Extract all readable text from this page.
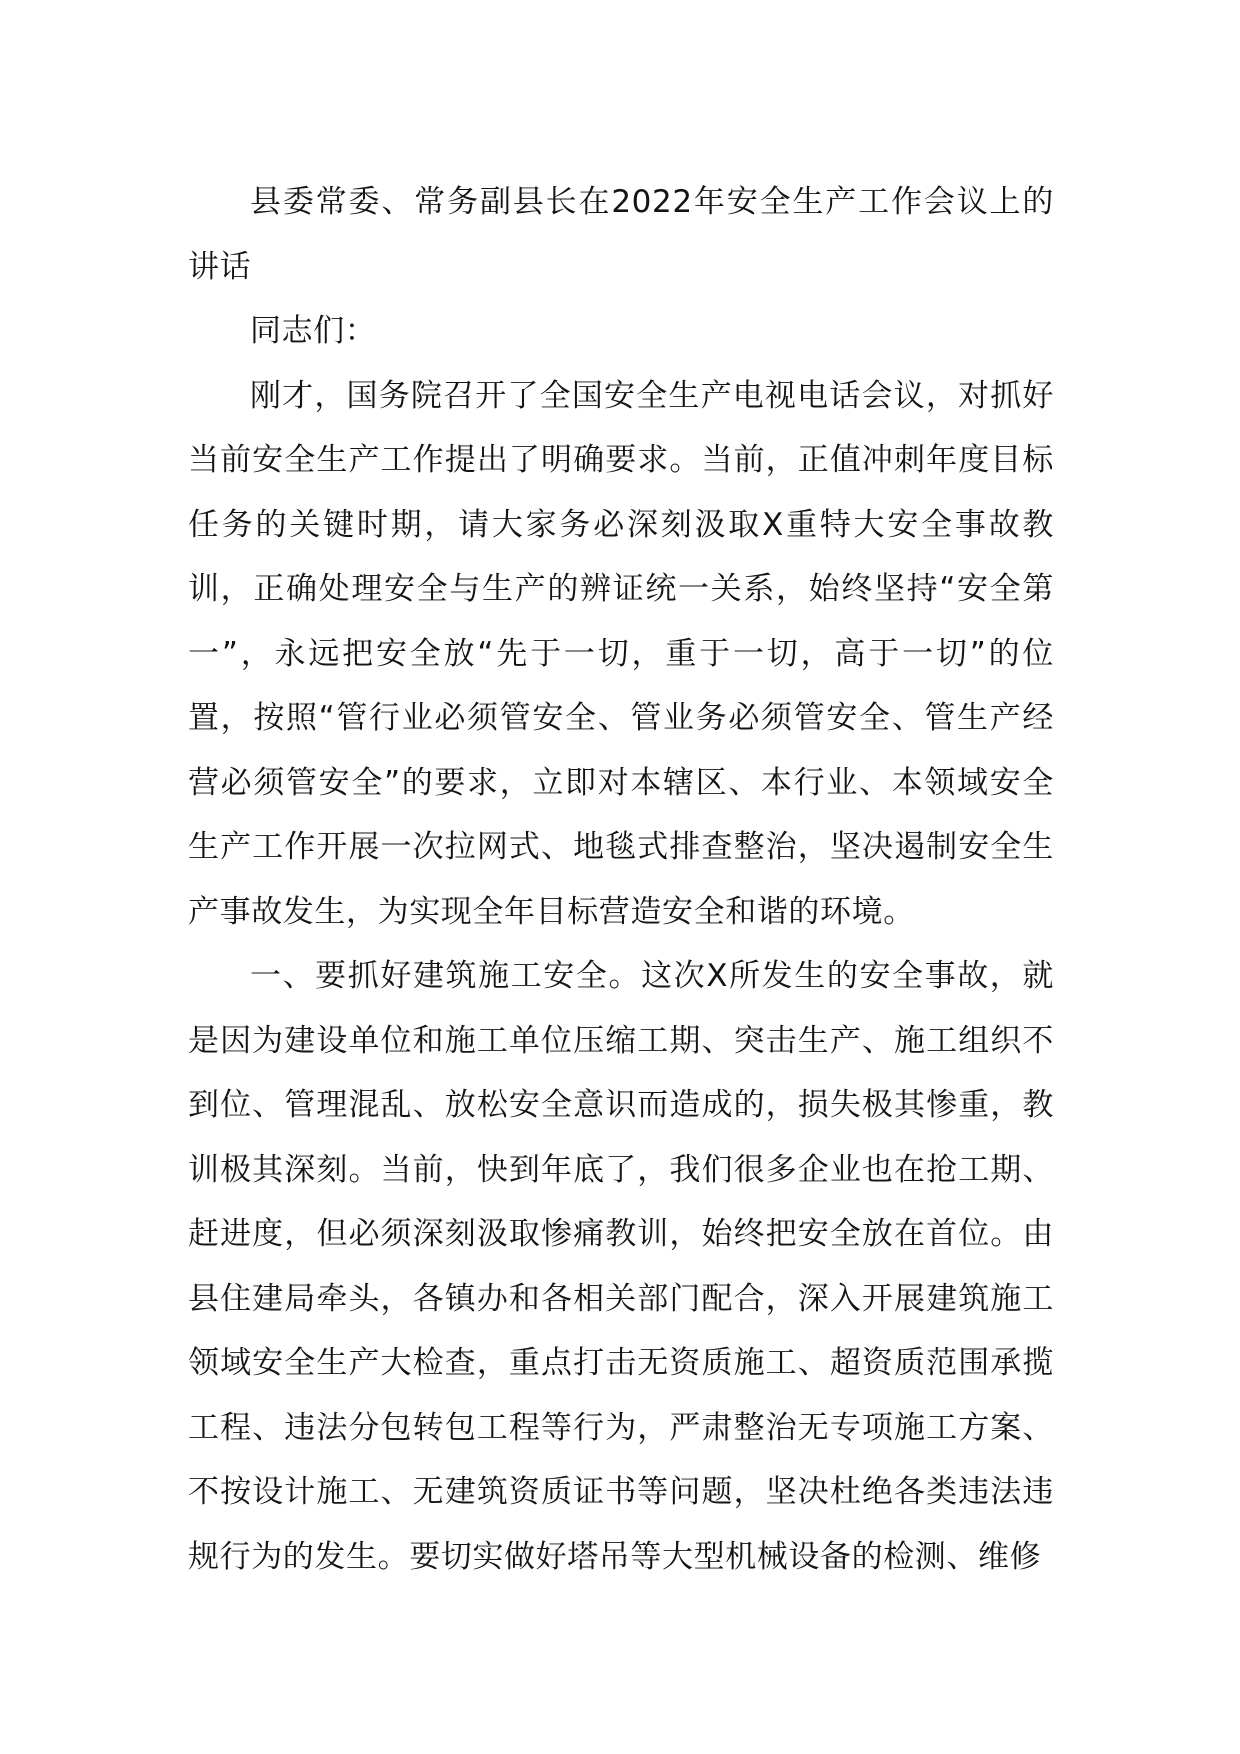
县委常委、常务副县长在2022年安全生产工作会议上的讲话

同志们：

刚才，国务院召开了全国安全生产电视电话会议，对抓好当前安全生产工作提出了明确要求。当前，正值冲刺年度目标任务的关键时期，请大家务必深刻汲取X重特大安全事故教训，正确处理安全与生产的辨证统一关系，始终坚持“安全第一”，永远把安全放“先于一切，重于一切，高于一切”的位置，按照“管行业必须管安全、管业务必须管安全、管生产经营必须管安全”的要求，立即对本辖区、本行业、本领域安全生产工作开展一次拉网式、地毯式排查整治，坚决遏制安全生产事故发生，为实现全年目标营造安全和谐的环境。

一、要抓好建筑施工安全。这次X所发生的安全事故，就是因为建设单位和施工单位压缩工期、突击生产、施工组织不到位、管理混乱、放松安全意识而造成的，损失极其惨重，教训极其深刻。当前，快到年底了，我们很多企业也在抢工期、赶进度，但必须深刻汲取惨痛教训，始终把安全放在首位。由县住建局牵头，各镇办和各相关部门配合，深入开展建筑施工领域安全生产大检查，重点打击无资质施工、超资质范围承揽工程、违法分包转包工程等行为，严肃整治无专项施工方案、不按设计施工、无建筑资质证书等问题，坚决杜绝各类违法违规行为的发生。要切实做好塔吊等大型机械设备的检测、维修
